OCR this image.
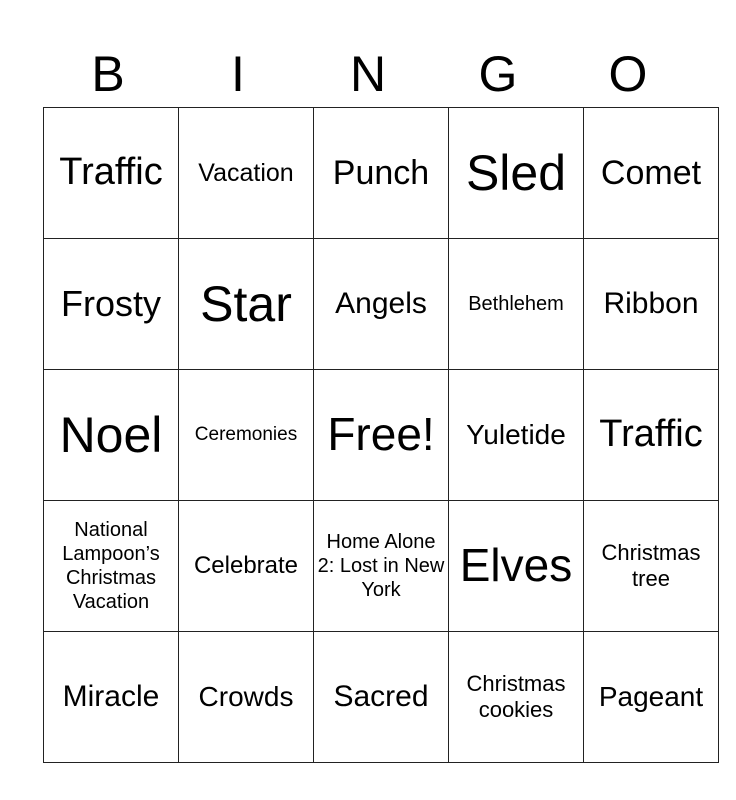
B	I	N	G	O
Traffic	Vacation	Punch	Sled	Comet
Frosty	Star	Angels	Bethlehem	Ribbon
Noel	Ceremonies	Free!	Yuletide	Traffic
National Lampoon’s Christmas Vacation	Celebrate	Home Alone 2: Lost in New York	Elves	Christmas tree
Miracle	Crowds	Sacred	Christmas cookies	Pageant
